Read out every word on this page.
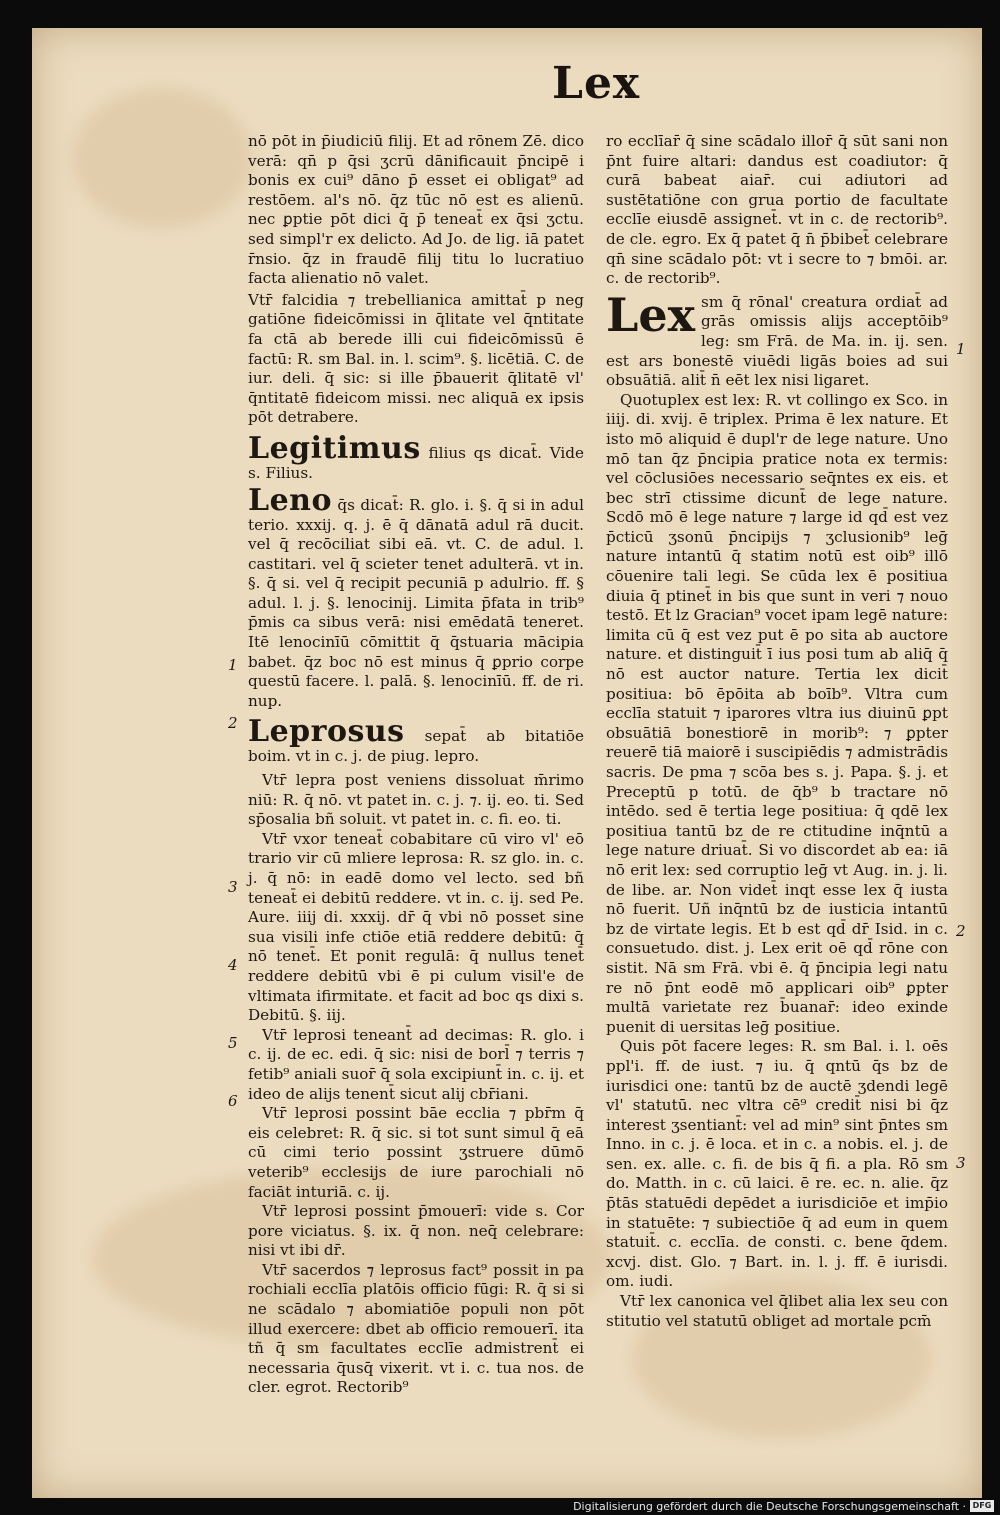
Lex

nō pōt in p̄iudiciū filij. Et ad rōnem Zē. dico verā: qn̄ p q̄si ʒcrū dānificauit p̄ncipē i bonis ex cui⁹ dāno p̄ esset ei obligat⁹ ad restōem. al's nō. q̄z tūc nō est es alienū. nec ꝑptie pōt dici q̄ p̄ teneat̄ ex q̄si ʒctu. sed simpl'r ex delicto. Ad Jo. de lig. iā patet r̄nsio. q̄z in fraudē filij titu lo lucratiuo facta alienatio nō valet.

Vtr̄ falcidia ⁊ trebellianica amittat̄ p neg gatiōne fideicōmissi in q̄litate vel q̄ntitate fa ctā ab berede illi cui fideicōmissū ē factū: R. sm Bal. in. l. scim⁹. §. licētiā. C. de iur. deli. q̄ sic: si ille p̄bauerit q̄litatē vl' q̄ntitatē fideicom missi. nec aliquā ex ipsis pōt detrabere.

Legitimus filius qs dicat̄. Vide s. Filius.

Leno q̄s dicat̄: R. glo. i. §. q̄ si in adul terio. xxxij. q. j. ē q̄ dānatā adul rā ducit. vel q̄ recōciliat sibi eā. vt. C. de adul. l. castitari. vel q̄ scieter tenet adulterā. vt in. §. q̄ si. vel q̄ recipit pecuniā p adulrio. ff. § adul. l. j. §. lenocinij. Limita p̄fata in trib⁹ p̄mis ca sibus verā: nisi emēdatā teneret. Itē lenocinīū cōmittit q̄ q̄stuaria mācipia babet. q̄z boc nō est minus q̄ ꝑprio corpe questū facere. l. palā. §. lenocinīū. ff. de ri. nup.

Leprosus sepat̄ ab bitatiōe boim. vt in c. j. de piug. lepro.

Vtr̄ lepra post veniens dissoluat m̄rimo niū: R. q̄ nō. vt patet in. c. j. ⁊. ij. eo. ti. Sed sp̄osalia bñ soluit. vt patet in. c. fi. eo. ti.

Vtr̄ vxor teneat̄ cobabitare cū viro vl' eō trario vir cū mliere leprosa: R. sz glo. in. c. j. q̄ nō: in eadē domo vel lecto. sed bñ teneat̄ ei debitū reddere. vt in. c. ij. sed Pe. Aure. iiij di. xxxij. dr̄ q̄ vbi nō posset sine sua visili infe ctiōe etiā reddere debitū: q̄ nō tenet̄. Et ponit regulā: q̄ nullus tenet̄ reddere debitū vbi ē pi culum visil'e de vltimata ifirmitate. et facit ad boc qs dixi s. Debitū. §. iij.

Vtr̄ leprosi teneant̄ ad decimas: R. glo. i c. ij. de ec. edi. q̄ sic: nisi de borl̄ ⁊ terris ⁊ fetib⁹ aniali suor̄ q̄ sola excipiunt̄ in. c. ij. et ideo de alijs tenent̄ sicut alij cbr̄iani.

Vtr̄ leprosi possint bāe ecclia ⁊ pbr̄m q̄ eis celebret: R. q̄ sic. si tot sunt simul q̄ eā cū cimi terio possint ʒstruere dūmō veterib⁹ ecclesijs de iure parochiali nō faciāt inturiā. c. ij.

Vtr̄ leprosi possint p̄mouerī: vide s. Cor pore viciatus. §. ix. q̄ non. neq̄ celebrare: nisi vt ibi dr̄.

Vtr̄ sacerdos ⁊ leprosus fact⁹ possit in pa rochiali ecclīa platōis officio fūgi: R. q̄ si si ne scādalo ⁊ abomiatiōe populi non pōt illud exercere: dbet ab officio remouerī. ita tñ q̄ sm facultates ecclīe admistrent̄ ei necessaria q̄usq̄ vixerit. vt i. c. tua nos. de cler. egrot. Rectorib⁹

1
2
3
4
5
6

ro ecclīar̄ q̄ sine scādalo illor̄ q̄ sūt sani non p̄nt fuire altari: dandus est coadiutor: q̄ curā babeat aiar̄. cui adiutori ad sustētatiōne con grua portio de facultate ecclīe eiusdē assignet̄. vt in c. de rectorib⁹. de cle. egro. Ex q̄ patet q̄ n̄ p̄bibet̄ celebrare qn̄ sine scādalo pōt: vt i secre to ⁊ bmōi. ar. c. de rectorib⁹.

Lex sm q̄ rōnal' creatura ordiat̄ ad grās omissis alijs acceptōib⁹ leg: sm Frā. de Ma. in. ij. sen. est ars bonestē viuēdi ligās boies ad sui obsuātiā. alit̄ n̄ eēt lex nisi ligaret.

Quotuplex est lex: R. vt collingo ex Sco. in iiij. di. xvij. ē triplex. Prima ē lex nature. Et isto mō aliquid ē dupl'r de lege nature. Uno mō tan q̄z p̄ncipia pratice nota ex termis: vel cōclusiōes necessario seq̄ntes ex eis. et bec strī ctissime dicunt̄ de lege nature. Scdō mō ē lege nature ⁊ large id qd̄ est vez p̄cticū ʒsonū p̄ncipijs ⁊ ʒclusionib⁹ leḡ nature intantū q̄ statim notū est oib⁹ illō cōuenire tali legi. Se cūda lex ē positiua diuia q̄ ptinet̄ in bis que sunt in veri ⁊ nouo testō. Et lz Gracian⁹ vocet ipam legē nature: limita cū q̄ est vez put ē po sita ab auctore nature. et distinguit̄ ī ius posi tum ab aliq̄ q̄ nō est auctor nature. Tertia lex dicit̄ positiua: bō ēpōita ab boīb⁹. Vltra cum ecclīa statuit ⁊ iparores vltra ius diuinū ꝑpt obsuātiā bonestiorē in morib⁹: ⁊ ꝑpter reuerē tiā maiorē i suscipiēdis ⁊ admistrādis sacris. De pma ⁊ scōa bes s. j. Papa. §. j. et Preceptū p totū. de q̄b⁹ b tractare nō intēdo. sed ē tertia lege positiua: q̄ qdē lex positiua tantū bz de re ctitudine inq̄ntū a lege nature driuat̄. Si vo discordet ab ea: iā nō erit lex: sed corruptio leḡ vt Aug. in. j. li. de libe. ar. Non videt̄ inqt esse lex q̄ iusta nō fuerit. Uñ inq̄ntū bz de iusticia intantū bz de virtate legis. Et b est qd̄ dr̄ Isid. in c. consuetudo. dist. j. Lex erit oē qd̄ rōne con sistit. Nā sm Frā. vbi ē. q̄ p̄ncipia legi natu re nō p̄nt eodē mō applicari oib⁹ ꝑpter multā varietate rez b̄uanar̄: ideo exinde puenit di uersitas leḡ positiue.

Quis pōt facere leges: R. sm Bal. i. l. oēs ppl'i. ff. de iust. ⁊ iu. q̄ qntū q̄s bz de iurisdici one: tantū bz de auctē ʒdendi legē vl' statutū. nec vltra cē⁹ credit̄ nisi bi q̄z interest ʒsentiant̄: vel ad min⁹ sint p̄ntes sm Inno. in c. j. ē loca. et in c. a nobis. el. j. de sen. ex. alle. c. fi. de bis q̄ fi. a pla. Rō sm do. Matth. in c. cū laici. ē re. ec. n. alie. q̄z p̄tās statuēdi depēdet a iurisdiciōe et imp̄io in statuēte: ⁊ subiectiōe q̄ ad eum in quem statuit̄. c. ecclīa. de consti. c. bene q̄dem. xcvj. dist. Glo. ⁊ Bart. in. l. j. ff. ē iurisdi. om. iudi.

Vtr̄ lex canonica vel q̄libet alia lex seu con stitutio vel statutū obliget ad mortale pcm̄

1
2
3
Digitalisierung gefördert durch die Deutsche Forschungsgemeinschaft · DFG
